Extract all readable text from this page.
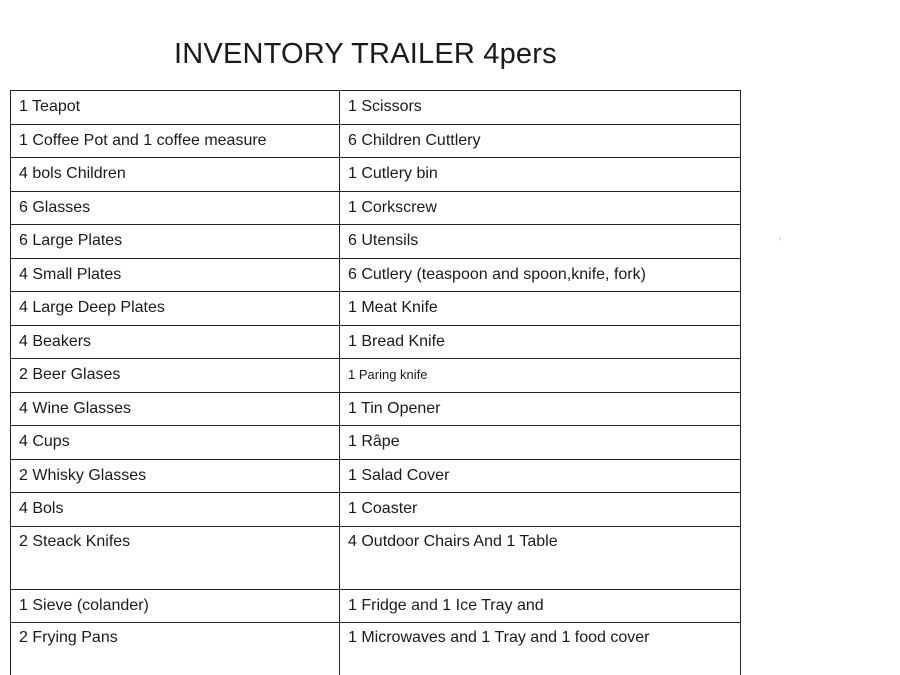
INVENTORY TRAILER 4pers
1 Teapot	1 Scissors
1 Coffee Pot and 1 coffee measure	6 Children Cuttlery
4 bols Children	1 Cutlery bin
6 Glasses	1 Corkscrew
6 Large Plates	6 Utensils
4 Small Plates	6 Cutlery (teaspoon and spoon,knife, fork)
4 Large Deep Plates	1 Meat Knife
4 Beakers	1 Bread Knife
2 Beer Glases	1 Paring knife
4 Wine Glasses	1 Tin Opener
4 Cups	1 Râpe
2 Whisky Glasses	1 Salad Cover
4 Bols	1 Coaster
2 Steack Knifes	4 Outdoor Chairs And 1 Table
1 Sieve (colander)	1 Fridge and 1 Ice Tray and
2 Frying Pans	1 Microwaves and 1 Tray and 1 food cover
›
